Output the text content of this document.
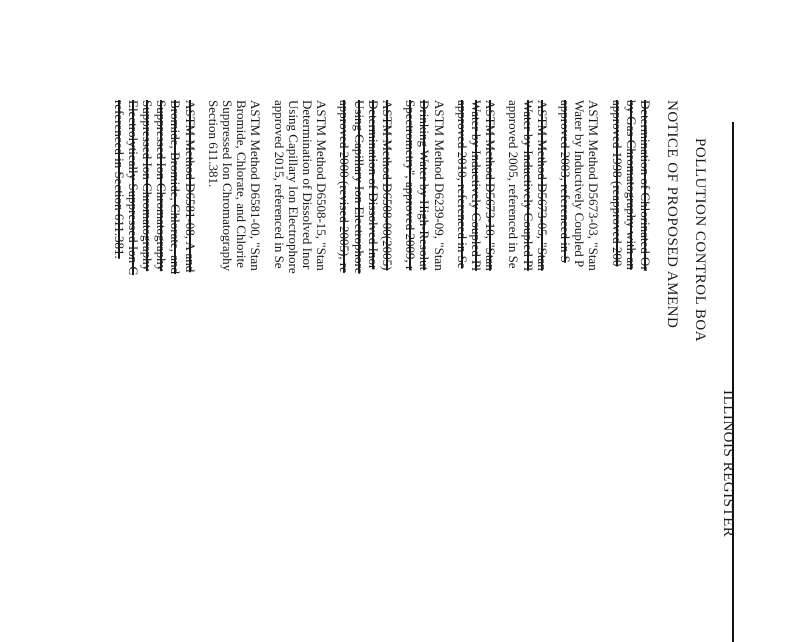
ILLINOIS REGISTER
POLLUTION CONTROL BOA
NOTICE OF PROPOSED AMEND
Determination of Chlorinated Or
by Gas Chromatography with an
approved 1998 (reapproved 200
ASTM Method D5673-03, "Stan
Water by Inductively Coupled P
approved 2003, referenced in S
ASTM Method D5673-05, "Stan
Water by Inductively Coupled Pl
approved 2005, referenced in Se
ASTM Method D5673-10, "Stan
Water by Inductively Coupled Pl
approved 2010, referenced in Se
ASTM Method D6239-09, "Stan
Drinking Water by High-Resolut
Spectrometry", approved 2009, r
ASTM Method D6508-00(2005)
Determination of Dissolved Inor
Using Capillary Ion Electrophore
approved 2000 (revised 2005), re
ASTM Method D6508-15, "Stan
Determination of Dissolved Inor
Using Capillary Ion Electrophore
approved 2015, referenced in Se
ASTM Method D6581-00, "Stan
Bromide, Chlorate, and Chlorite
Suppressed Ion Chromatography
Section 611.381.
ASTM Method D6581-08, A and
Bromide, Bromide, Chlorate, and
Suppressed Ion Chromatography
Suppressed Ion Chromatography
Electrolytically Suppressed Ion C
referenced in Section 611.381.
